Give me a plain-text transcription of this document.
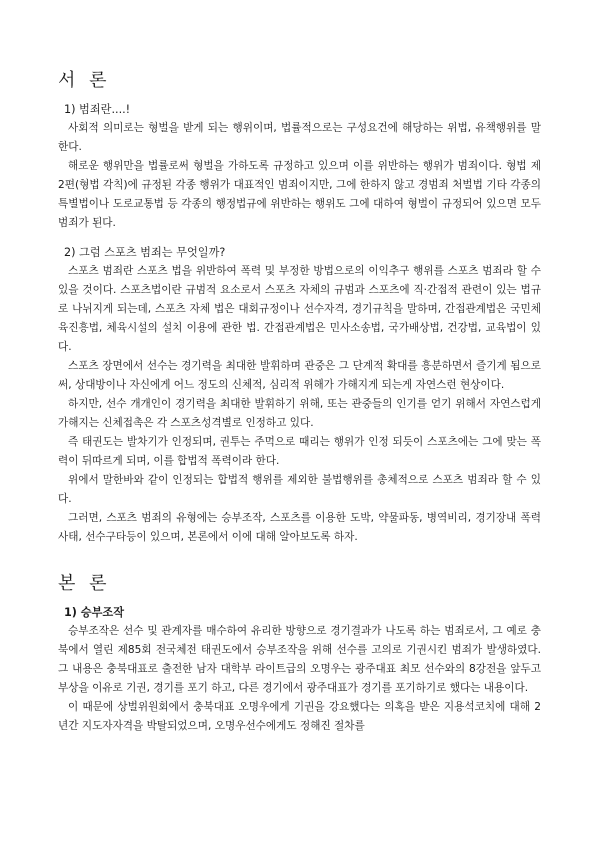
서 론
1) 범죄란....!

사회적 의미로는 형벌을 받게 되는 행위이며, 법률적으로는 구성요건에 해당하는 위법, 유책행위를 말한다.

해로운 행위만을 법률로써 형벌을 가하도록 규정하고 있으며 이를 위반하는 행위가 범죄이다. 형법 제 2편(형법 각칙)에 규정된 각종 행위가 대표적인 범죄이지만, 그에 한하지 않고 경범죄 처벌법 기타 각종의 특별법이나 도로교통법 등 각종의 행정법규에 위반하는 행위도 그에 대하여 형벌이 규정되어 있으면 모두 범죄가 된다.

2) 그럼 스포츠 범죄는 무엇일까?

스포츠 범죄란 스포츠 법을 위반하여 폭력 및 부정한 방법으로의 이익추구 행위를 스포츠 범죄라 할 수 있을 것이다. 스포츠법이란 규범적 요소로서 스포츠 자체의 규범과 스포츠에 직·간접적 관련이 있는 법규로 나뉘지게 되는데, 스포츠 자체 법은 대회규정이나 선수자격, 경기규칙을 말하며, 간접관계법은 국민체육진흥법, 체육시설의 설치 이용에 관한 법. 간접관계법은 민사소송법, 국가배상법, 건강법, 교육법이 있다.

스포츠 장면에서 선수는 경기력을 최대한 발휘하며 관중은 그 단계적 확대를 흥분하면서 즐기게 됨으로써, 상대방이나 자신에게 어느 정도의 신체적, 심리적 위해가 가해지게 되는게 자연스런 현상이다.

하지만, 선수 개개인이 경기력을 최대한 발휘하기 위해, 또는 관중들의 인기를 얻기 위해서 자연스럽게 가해지는 신체접촉은 각 스포츠성격별로 인정하고 있다.

즉 태권도는 발차기가 인정되며, 권투는 주먹으로 때리는 행위가 인정 되듯이 스포츠에는 그에 맞는 폭력이 뒤따르게 되며, 이를 합법적 폭력이라 한다.

위에서 말한바와 같이 인정되는 합법적 행위를 제외한 불법행위를 총체적으로 스포츠 범죄라 할 수 있다.

그러면, 스포츠 범죄의 유형에는 승부조작, 스포츠를 이용한 도박, 약물파동, 병역비리, 경기장내 폭력사태, 선수구타등이 있으며, 본론에서 이에 대해 알아보도록 하자.

본 론
1) 승부조작

승부조작은 선수 및 관계자를 매수하여 유리한 방향으로 경기결과가 나도록 하는 범죄로서, 그 예로 충북에서 열린 제85회 전국체전 태권도에서 승부조작을 위해 선수를 고의로 기권시킨 범죄가 발생하였다. 그 내용은 충북대표로 출전한 남자 대학부 라이트급의 오명우는 광주대표 최모 선수와의 8강전을 앞두고 부상을 이유로 기권, 경기를 포기 하고, 다른 경기에서 광주대표가 경기를 포기하기로 했다는 내용이다.

이 때문에 상벌위원회에서 충북대표 오명우에게 기권을 강요했다는 의혹을 받은 지용석코치에 대해 2년간 지도자자격을 박탈되었으며, 오명우선수에게도 정해진 절차를
